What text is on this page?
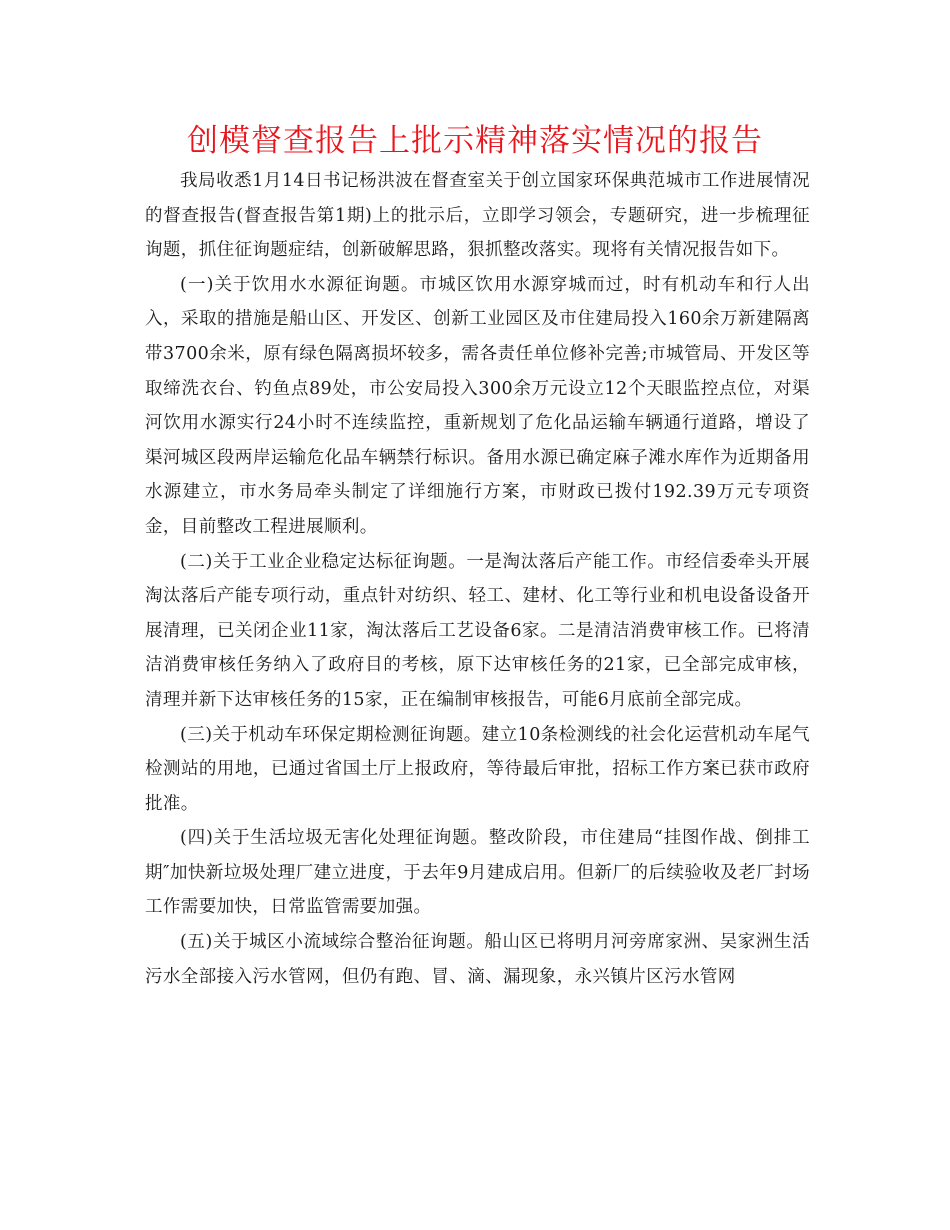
创模督查报告上批示精神落实情况的报告

我局收悉1月14日书记杨洪波在督查室关于创立国家环保典范城市工作进展情况的督查报告(督查报告第1期)上的批示后，立即学习领会，专题研究，进一步梳理征询题，抓住征询题症结，创新破解思路，狠抓整改落实。现将有关情况报告如下。

(一)关于饮用水水源征询题。市城区饮用水源穿城而过，时有机动车和行人出入，采取的措施是船山区、开发区、创新工业园区及市住建局投入160余万新建隔离带3700余米，原有绿色隔离损坏较多，需各责任单位修补完善;市城管局、开发区等取缔洗衣台、钓鱼点89处，市公安局投入300余万元设立12个天眼监控点位，对渠河饮用水源实行24小时不连续监控，重新规划了危化品运输车辆通行道路，增设了渠河城区段两岸运输危化品车辆禁行标识。备用水源已确定麻子滩水库作为近期备用水源建立，市水务局牵头制定了详细施行方案，市财政已拨付192.39万元专项资金，目前整改工程进展顺利。

(二)关于工业企业稳定达标征询题。一是淘汰落后产能工作。市经信委牵头开展淘汰落后产能专项行动，重点针对纺织、轻工、建材、化工等行业和机电设备设备开展清理，已关闭企业11家，淘汰落后工艺设备6家。二是清洁消费审核工作。已将清洁消费审核任务纳入了政府目的考核，原下达审核任务的21家，已全部完成审核，清理并新下达审核任务的15家，正在编制审核报告，可能6月底前全部完成。

(三)关于机动车环保定期检测征询题。建立10条检测线的社会化运营机动车尾气检测站的用地，已通过省国土厅上报政府，等待最后审批，招标工作方案已获市政府批准。

(四)关于生活垃圾无害化处理征询题。整改阶段，市住建局“挂图作战、倒排工期″加快新垃圾处理厂建立进度，于去年9月建成启用。但新厂的后续验收及老厂封场工作需要加快，日常监管需要加强。

(五)关于城区小流域综合整治征询题。船山区已将明月河旁席家洲、吴家洲生活污水全部接入污水管网，但仍有跑、冒、滴、漏现象，永兴镇片区污水管网
